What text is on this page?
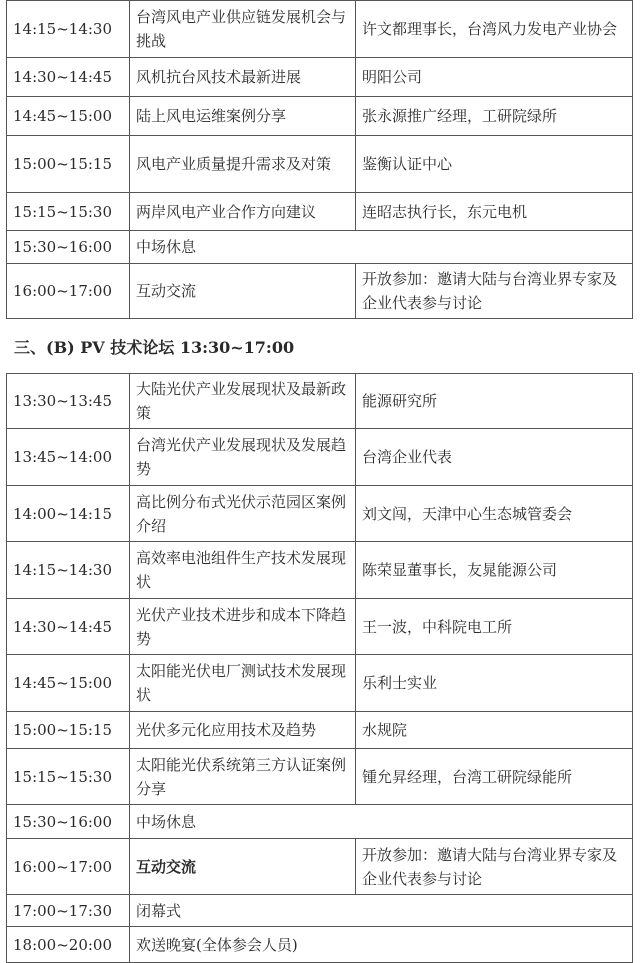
14:15~14:30	台湾风电产业供应链发展机会与挑战	许文都理事长，台湾风力发电产业协会
14:30~14:45	风机抗台风技术最新进展	明阳公司
14:45~15:00	陆上风电运维案例分享	张永源推广经理，工研院绿所
15:00~15:15	风电产业质量提升需求及对策	鉴衡认证中心
15:15~15:30	两岸风电产业合作方向建议	连昭志执行长，东元电机
15:30~16:00	中场休息	
16:00~17:00	互动交流	开放参加：邀请大陆与台湾业界专家及企业代表参与讨论
三、(B) PV 技术论坛 13:30~17:00
13:30~13:45	大陆光伏产业发展现状及最新政策	能源研究所
13:45~14:00	台湾光伏产业发展现状及发展趋势	台湾企业代表
14:00~14:15	高比例分布式光伏示范园区案例介绍	刘文闯，天津中心生态城管委会
14:15~14:30	高效率电池组件生产技术发展现状	陈荣显董事长，友晁能源公司
14:30~14:45	光伏产业技术进步和成本下降趋势	王一波，中科院电工所
14:45~15:00	太阳能光伏电厂测试技术发展现状	乐利士实业
15:00~15:15	光伏多元化应用技术及趋势	水规院
15:15~15:30	太阳能光伏系统第三方认证案例分享	锺允昇经理，台湾工研院绿能所
15:30~16:00	中场休息	
16:00~17:00	互动交流	开放参加：邀请大陆与台湾业界专家及企业代表参与讨论
17:00~17:30	闭幕式	
18:00~20:00	欢送晚宴(全体参会人员)	
